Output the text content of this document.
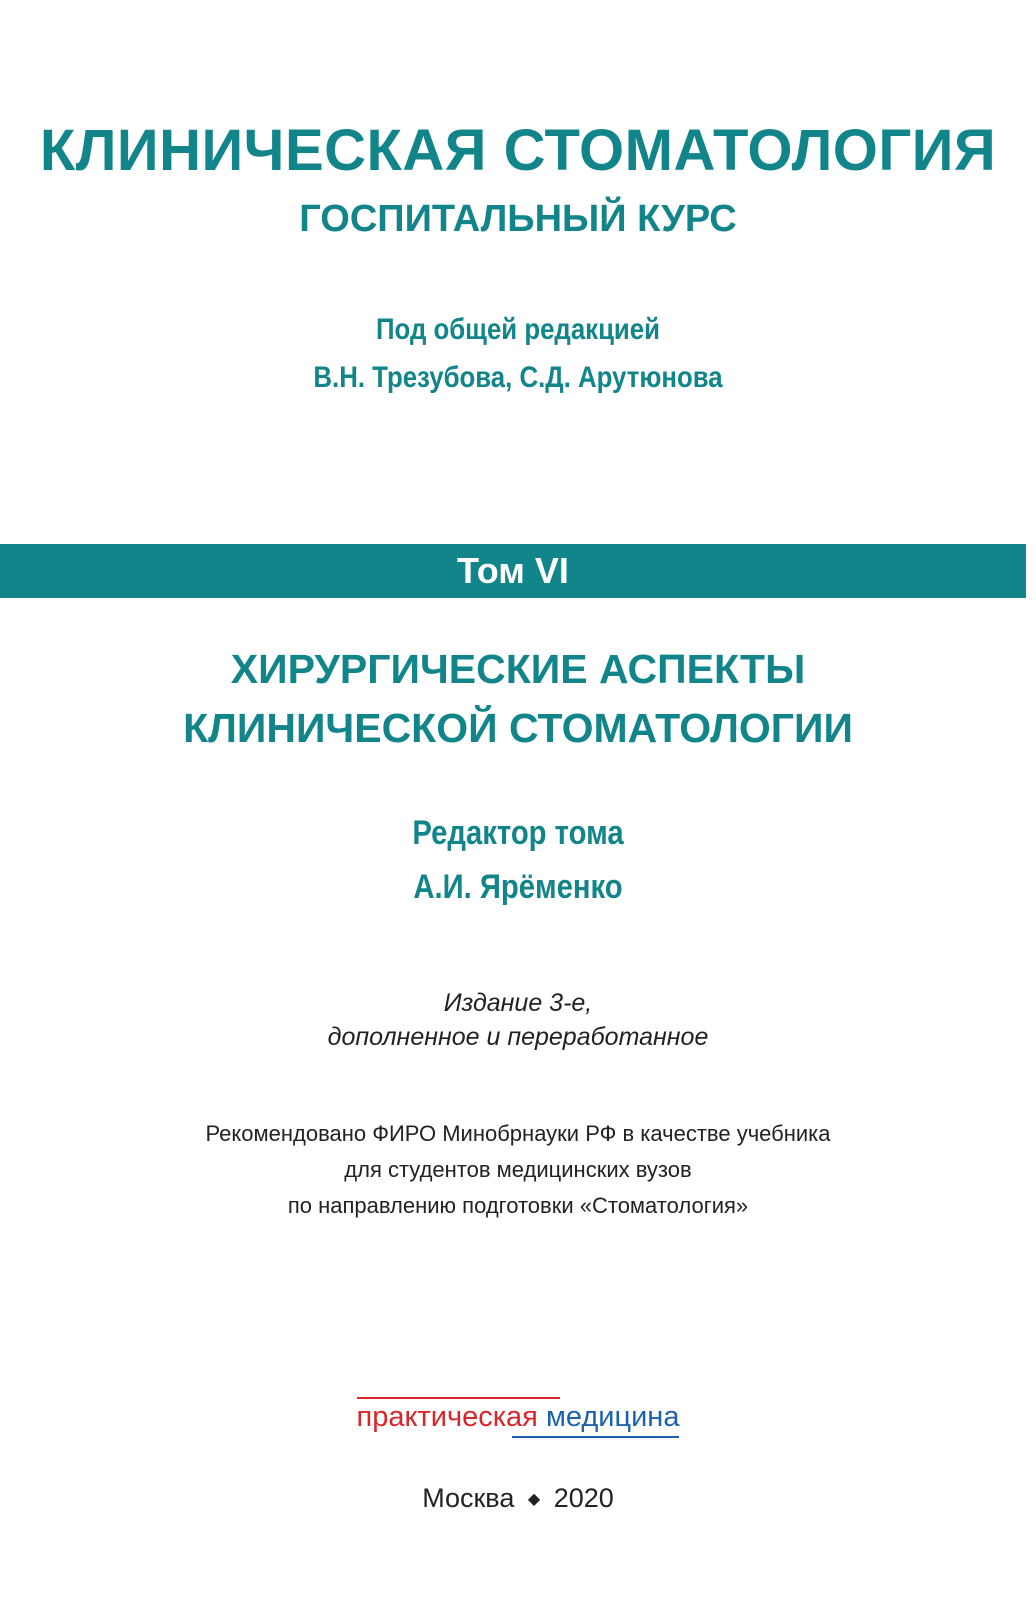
КЛИНИЧЕСКАЯ СТОМАТОЛОГИЯ
ГОСПИТАЛЬНЫЙ КУРС
Под общей редакцией
В.Н. Трезубова, С.Д. Арутюнова
Том VI
ХИРУРГИЧЕСКИЕ АСПЕКТЫ
КЛИНИЧЕСКОЙ СТОМАТОЛОГИИ
Редактор тома
А.И. Ярёменко
Издание 3-е,
дополненное и переработанное
Рекомендовано ФИРО Минобрнауки РФ в качестве учебника
для студентов медицинских вузов
по направлению подготовки «Стоматология»
практическая медицина
Москва ◆ 2020
